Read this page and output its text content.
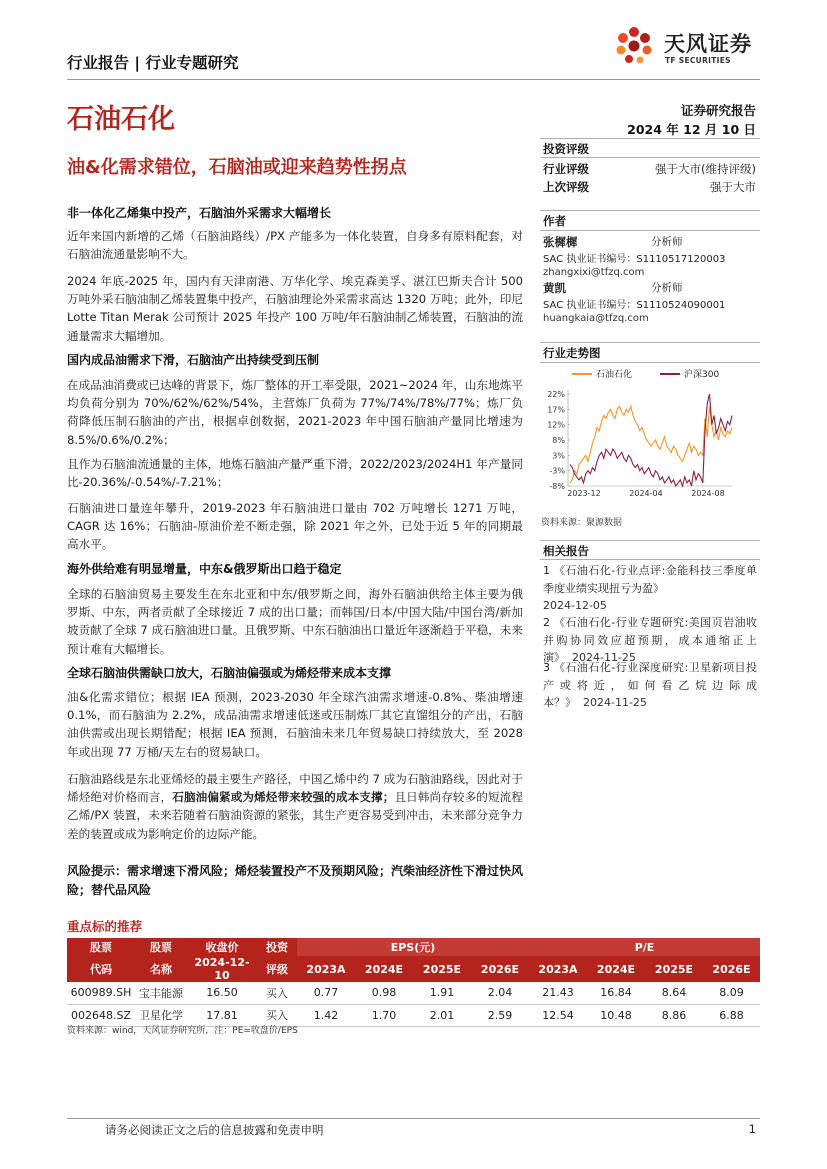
行业报告 | 行业专题研究
天风证券
TF SECURITIES
石油石化	证券研究报告
2024 年 12 月 10 日
油&化需求错位，石脑油或迎来趋势性拐点
非一体化乙烯集中投产，石脑油外采需求大幅增长
近年来国内新增的乙烯（石脑油路线）/PX 产能多为一体化装置，自身多有原料配套，对石脑油流通量影响不大。
2024 年底-2025 年，国内有天津南港、万华化学、埃克森美孚、湛江巴斯夫合计 500 万吨外采石脑油制乙烯装置集中投产，石脑油理论外采需求高达 1320 万吨；此外，印尼 Lotte Titan Merak 公司预计 2025 年投产 100 万吨/年石脑油制乙烯装置，石脑油的流通量需求大幅增加。
国内成品油需求下滑，石脑油产出持续受到压制
在成品油消费或已达峰的背景下，炼厂整体的开工率受限，2021~2024 年，山东地炼平均负荷分别为 70%/62%/62%/54%，主营炼厂负荷为 77%/74%/78%/77%；炼厂负荷降低压制石脑油的产出，根据卓创数据，2021-2023 年中国石脑油产量同比增速为 8.5%/0.6%/0.2%；
且作为石脑油流通量的主体，地炼石脑油产量严重下滑，2022/2023/2024H1 年产量同比-20.36%/-0.54%/-7.21%；
石脑油进口量连年攀升，2019-2023 年石脑油进口量由 702 万吨增长 1271 万吨，CAGR 达 16%；石脑油-原油价差不断走强，除 2021 年之外，已处于近 5 年的同期最高水平。
海外供给难有明显增量，中东&俄罗斯出口趋于稳定
全球的石脑油贸易主要发生在东北亚和中东/俄罗斯之间，海外石脑油供给主体主要为俄罗斯、中东，两者贡献了全球接近 7 成的出口量；而韩国/日本/中国大陆/中国台湾/新加坡贡献了全球 7 成石脑油进口量。且俄罗斯、中东石脑油出口量近年逐渐趋于平稳，未来预计难有大幅增长。
全球石脑油供需缺口放大，石脑油偏强或为烯烃带来成本支撑
油&化需求错位；根据 IEA 预测，2023-2030 年全球汽油需求增速-0.8%、柴油增速 0.1%，而石脑油为 2.2%，成品油需求增速低迷或压制炼厂其它直馏组分的产出，石脑油供需或出现长期错配；根据 IEA 预测，石脑油未来几年贸易缺口持续放大，至 2028 年或出现 77 万桶/天左右的贸易缺口。
石脑油路线是东北亚烯烃的最主要生产路径，中国乙烯中约 7 成为石脑油路线，因此对于烯烃绝对价格而言，石脑油偏紧或为烯烃带来较强的成本支撑；且日韩尚存较多的短流程乙烯/PX 装置，未来若随着石脑油资源的紧张，其生产更容易受到冲击，未来部分竞争力差的装置或成为影响定价的边际产能。
风险提示：需求增速下滑风险；烯烃装置投产不及预期风险；汽柴油经济性下滑过快风险；替代品风险
投资评级
行业评级	强于大市(维持评级)
上次评级	强于大市
作者
张樨樨	分析师
SAC 执业证书编号：S1110517120003
zhangxixi@tfzq.com
黄凯	分析师
SAC 执业证书编号：S1110524090001
huangkaia@tfzq.com
行业走势图
石油石化	沪深300
22%
17%
12%
8%
3%
-3%
-8%
2023-12	2024-04	2024-08
资料来源：聚源数据
相关报告
1 《石油石化-行业点评:金能科技三季度单季度业绩实现扭亏为盈》
2024-12-05
2 《石油石化-行业专题研究:美国页岩油收并购协同效应超预期，成本通缩正上演》 2024-11-25
3 《石油石化-行业深度研究:卫星新项目投产或将近，如何看乙烷边际成本？》 2024-11-25
重点标的推荐
股票	股票	收盘价	投资	EPS(元)				P/E			
代码	名称	2024-12-10	评级	2023A	2024E	2025E	2026E	2023A	2024E	2025E	2026E
600989.SH	宝丰能源	16.50	买入	0.77	0.98	1.91	2.04	21.43	16.84	8.64	8.09
002648.SZ	卫星化学	17.81	买入	1.42	1.70	2.01	2.59	12.54	10.48	8.86	6.88
资料来源：wind，天风证券研究所，注：PE=收盘价/EPS
请务必阅读正文之后的信息披露和免责申明	1
